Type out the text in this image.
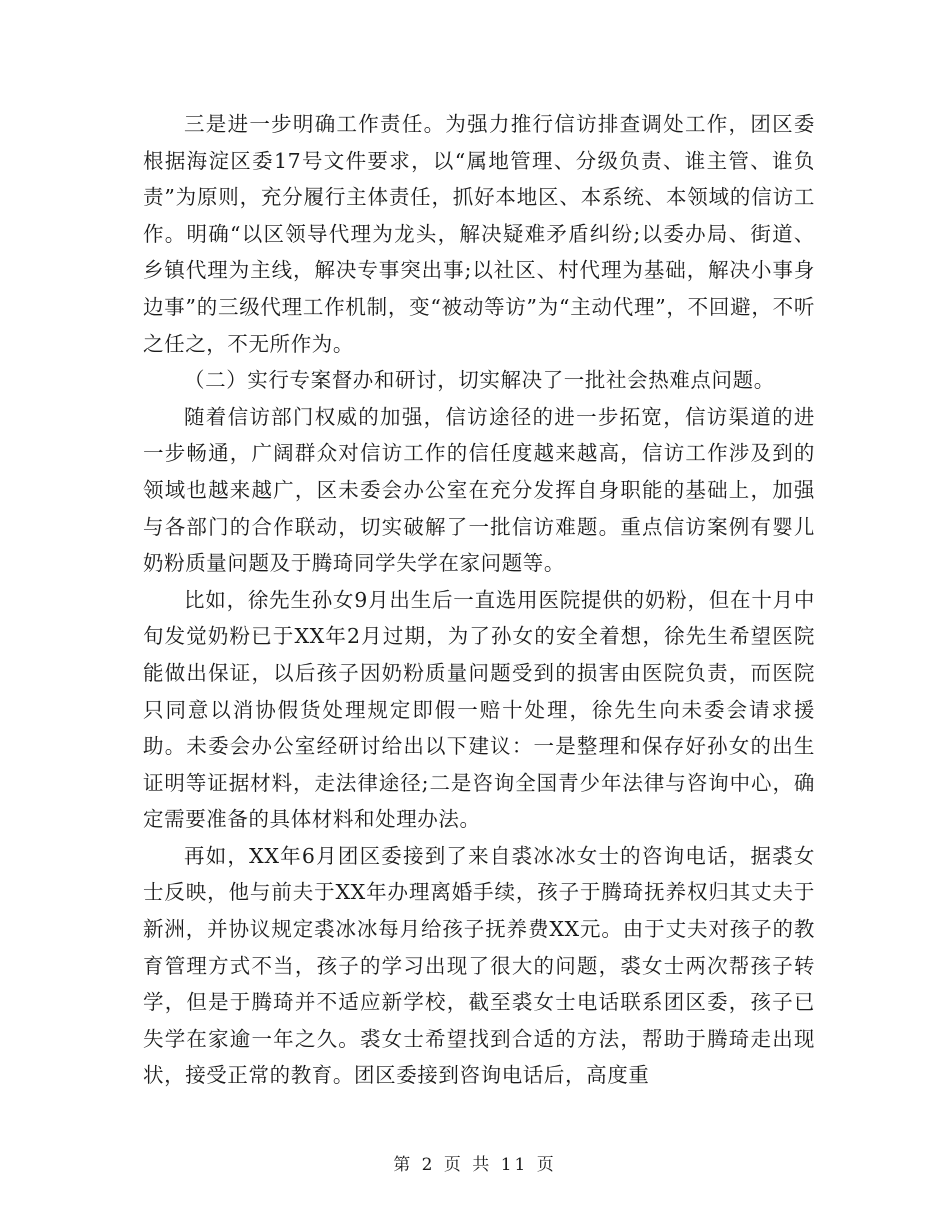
三是进一步明确工作责任。为强力推行信访排查调处工作，团区委根据海淀区委17号文件要求，以“属地管理、分级负责、谁主管、谁负责”为原则，充分履行主体责任，抓好本地区、本系统、本领域的信访工作。明确“以区领导代理为龙头，解决疑难矛盾纠纷;以委办局、街道、乡镇代理为主线，解决专事突出事;以社区、村代理为基础，解决小事身边事”的三级代理工作机制，变“被动等访”为“主动代理”，不回避，不听之任之，不无所作为。

（二）实行专案督办和研讨，切实解决了一批社会热难点问题。

随着信访部门权威的加强，信访途径的进一步拓宽，信访渠道的进一步畅通，广阔群众对信访工作的信任度越来越高，信访工作涉及到的领域也越来越广，区未委会办公室在充分发挥自身职能的基础上，加强与各部门的合作联动，切实破解了一批信访难题。重点信访案例有婴儿奶粉质量问题及于腾琦同学失学在家问题等。

比如，徐先生孙女9月出生后一直选用医院提供的奶粉，但在十月中旬发觉奶粉已于XX年2月过期，为了孙女的安全着想，徐先生希望医院能做出保证，以后孩子因奶粉质量问题受到的损害由医院负责，而医院只同意以消协假货处理规定即假一赔十处理，徐先生向未委会请求援助。未委会办公室经研讨给出以下建议：一是整理和保存好孙女的出生证明等证据材料，走法律途径;二是咨询全国青少年法律与咨询中心，确定需要准备的具体材料和处理办法。

再如，XX年6月团区委接到了来自裘冰冰女士的咨询电话，据裘女士反映，他与前夫于XX年办理离婚手续，孩子于腾琦抚养权归其丈夫于新洲，并协议规定裘冰冰每月给孩子抚养费XX元。由于丈夫对孩子的教育管理方式不当，孩子的学习出现了很大的问题，裘女士两次帮孩子转学，但是于腾琦并不适应新学校，截至裘女士电话联系团区委，孩子已失学在家逾一年之久。裘女士希望找到合适的方法，帮助于腾琦走出现状，接受正常的教育。团区委接到咨询电话后，高度重

第 2 页 共 11 页
